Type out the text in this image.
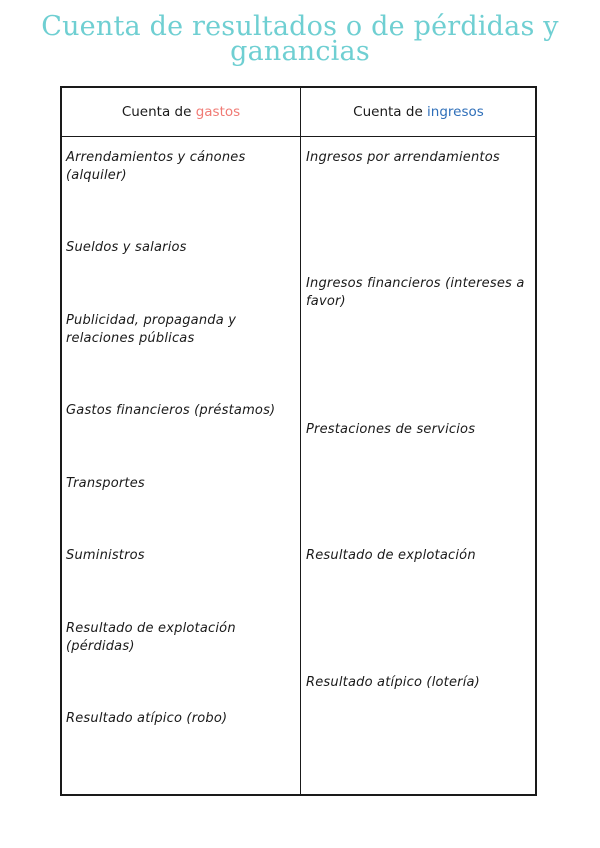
Cuenta de resultados o de pérdidas y ganancias
Cuenta de gastos	Cuenta de ingresos
Arrendamientos y cánones (alquiler)
Sueldos y salarios
Publicidad, propaganda y relaciones públicas
Gastos financieros (préstamos)
Transportes
Suministros
Resultado de explotación (pérdidas)
Resultado atípico (robo)
Ingresos por arrendamientos
Ingresos financieros (intereses a favor)
Prestaciones de servicios
Resultado de explotación
Resultado atípico (lotería)
